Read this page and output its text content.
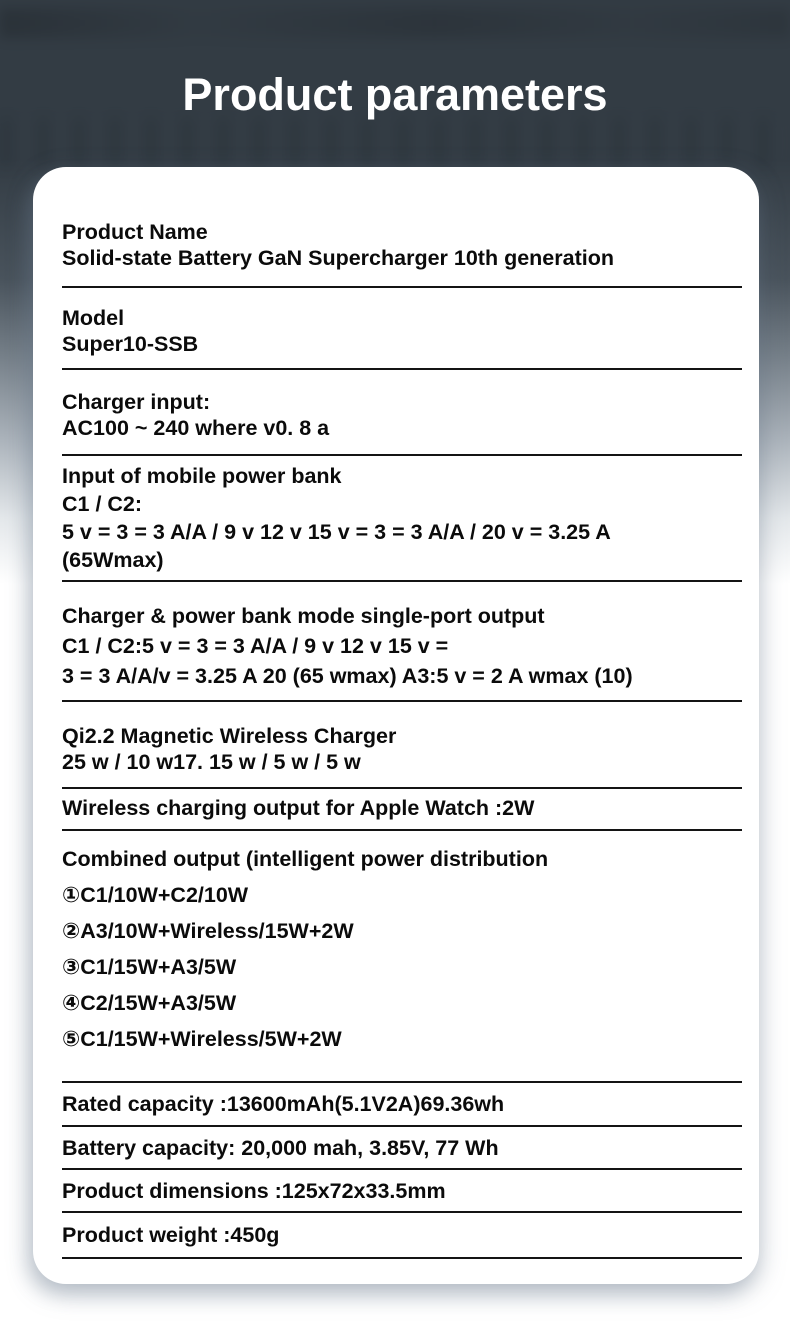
Product parameters
Product Name
Solid-state Battery GaN Supercharger 10th generation
Model
Super10-SSB
Charger input:
AC100 ~ 240 where v0. 8 a
Input of mobile power bank
C1 / C2:
5 v = 3 = 3 A/A / 9 v 12 v 15 v = 3 = 3 A/A / 20 v = 3.25 A
(65Wmax)
Charger & power bank mode single-port output
C1 / C2:5 v = 3 = 3 A/A / 9 v 12 v 15 v =
3 = 3 A/A/v = 3.25 A 20 (65 wmax) A3:5 v = 2 A wmax (10)
Qi2.2 Magnetic Wireless Charger
25 w / 10 w17. 15 w / 5 w / 5 w
Wireless charging output for Apple Watch :2W
Combined output (intelligent power distribution
①C1/10W+C2/10W
②A3/10W+Wireless/15W+2W
③C1/15W+A3/5W
④C2/15W+A3/5W
⑤C1/15W+Wireless/5W+2W
Rated capacity :13600mAh(5.1V2A)69.36wh
Battery capacity: 20,000 mah, 3.85V, 77 Wh
Product dimensions :125x72x33.5mm
Product weight :450g
